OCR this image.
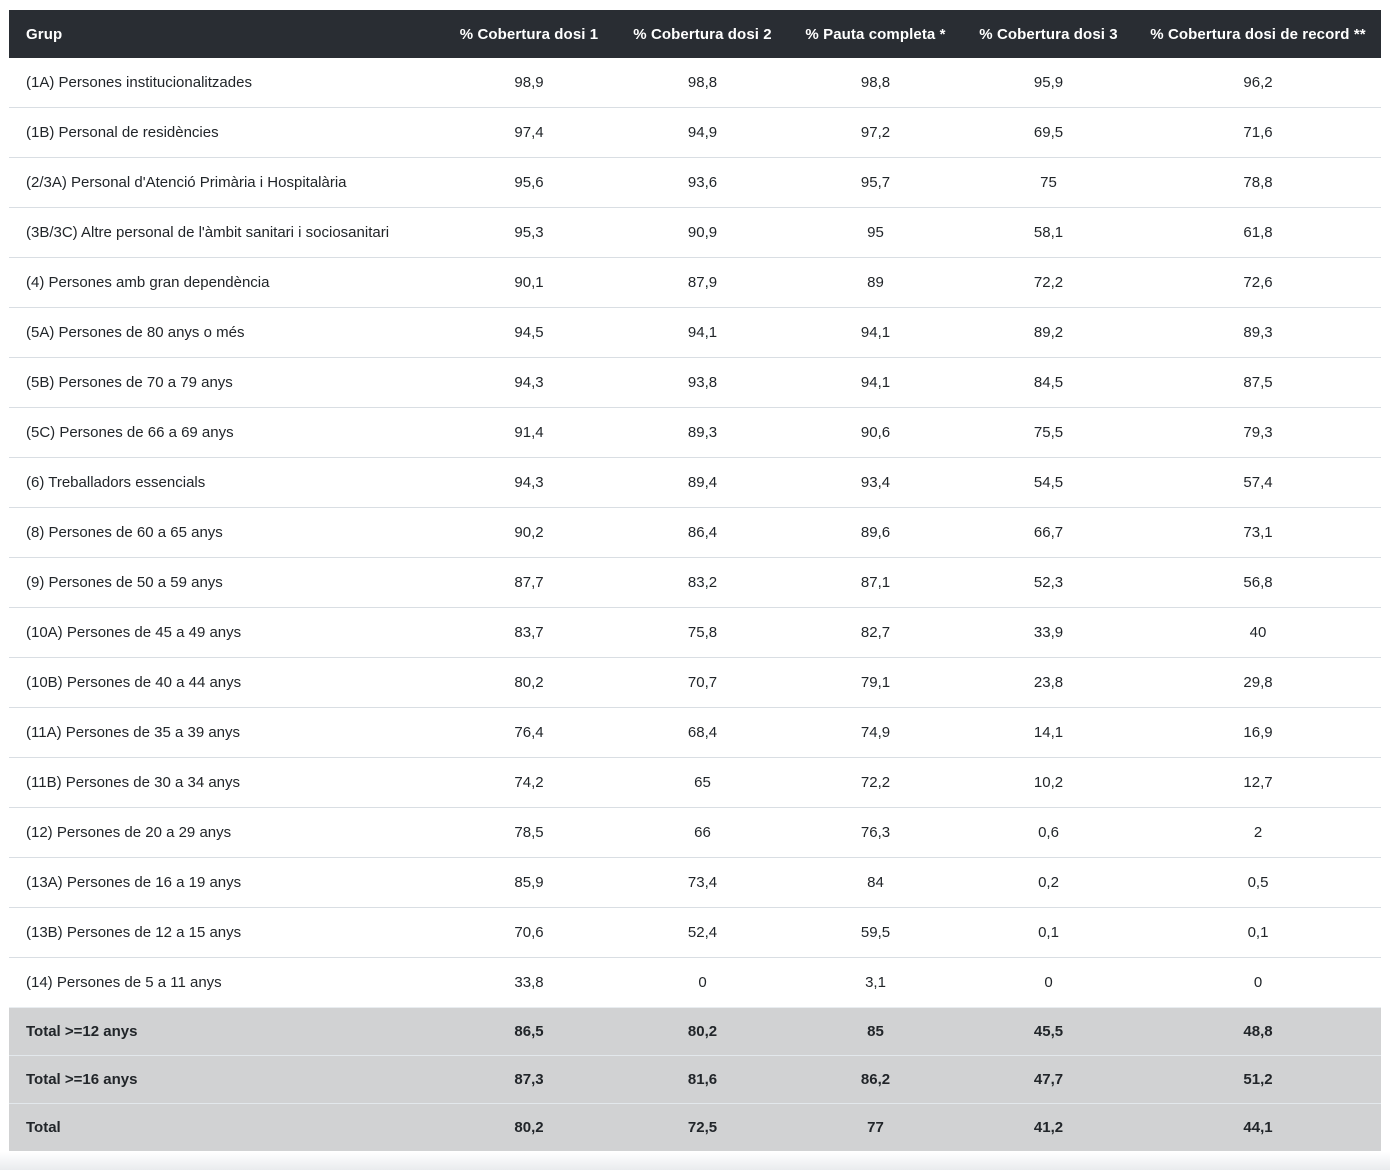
Grup	% Cobertura dosi 1	% Cobertura dosi 2	% Pauta completa *	% Cobertura dosi 3	% Cobertura dosi de record **
(1A) Persones institucionalitzades	98,9	98,8	98,8	95,9	96,2
(1B) Personal de residències	97,4	94,9	97,2	69,5	71,6
(2/3A) Personal d'Atenció Primària i Hospitalària	95,6	93,6	95,7	75	78,8
(3B/3C) Altre personal de l'àmbit sanitari i sociosanitari	95,3	90,9	95	58,1	61,8
(4) Persones amb gran dependència	90,1	87,9	89	72,2	72,6
(5A) Persones de 80 anys o més	94,5	94,1	94,1	89,2	89,3
(5B) Persones de 70 a 79 anys	94,3	93,8	94,1	84,5	87,5
(5C) Persones de 66 a 69 anys	91,4	89,3	90,6	75,5	79,3
(6) Treballadors essencials	94,3	89,4	93,4	54,5	57,4
(8) Persones de 60 a 65 anys	90,2	86,4	89,6	66,7	73,1
(9) Persones de 50 a 59 anys	87,7	83,2	87,1	52,3	56,8
(10A) Persones de 45 a 49 anys	83,7	75,8	82,7	33,9	40
(10B) Persones de 40 a 44 anys	80,2	70,7	79,1	23,8	29,8
(11A) Persones de 35 a 39 anys	76,4	68,4	74,9	14,1	16,9
(11B) Persones de 30 a 34 anys	74,2	65	72,2	10,2	12,7
(12) Persones de 20 a 29 anys	78,5	66	76,3	0,6	2
(13A) Persones de 16 a 19 anys	85,9	73,4	84	0,2	0,5
(13B) Persones de 12 a 15 anys	70,6	52,4	59,5	0,1	0,1
(14) Persones de 5 a 11 anys	33,8	0	3,1	0	0
Total >=12 anys	86,5	80,2	85	45,5	48,8
Total >=16 anys	87,3	81,6	86,2	47,7	51,2
Total	80,2	72,5	77	41,2	44,1
